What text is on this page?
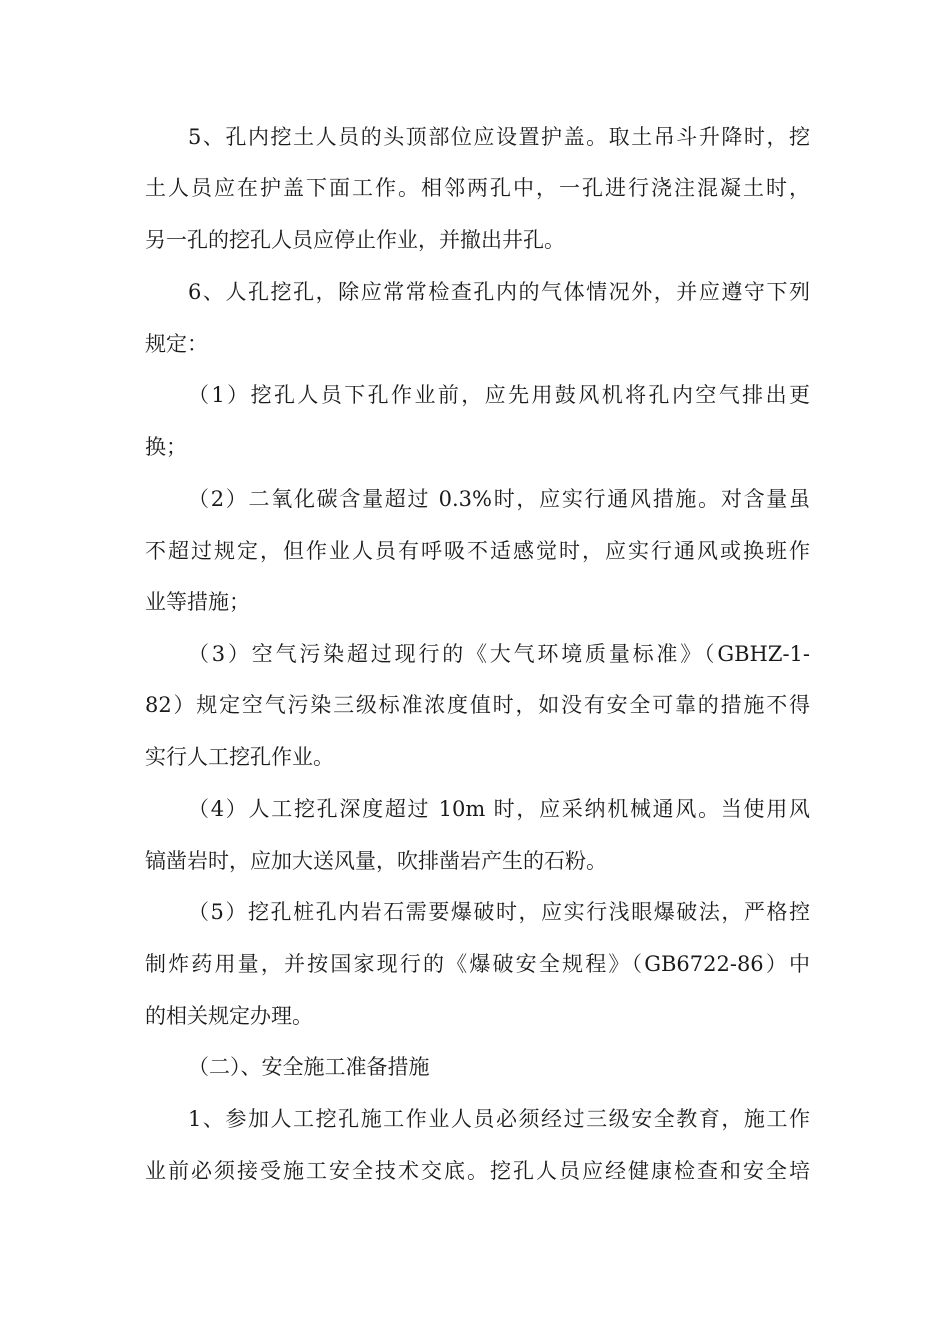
5、孔内挖土人员的头顶部位应设置护盖。取土吊斗升降时，挖
土人员应在护盖下面工作。相邻两孔中，一孔进行浇注混凝土时，
另一孔的挖孔人员应停止作业，并撤出井孔。
6、人孔挖孔，除应常常检查孔内的气体情况外，并应遵守下列
规定：
（1）挖孔人员下孔作业前，应先用鼓风机将孔内空气排出更
换；
（2）二氧化碳含量超过 0.3%时，应实行通风措施。对含量虽
不超过规定，但作业人员有呼吸不适感觉时，应实行通风或换班作
业等措施；
（3）空气污染超过现行的《大气环境质量标准》（GBHZ-1-
82）规定空气污染三级标准浓度值时，如没有安全可靠的措施不得
实行人工挖孔作业。
（4）人工挖孔深度超过 10m 时，应采纳机械通风。当使用风
镐凿岩时，应加大送风量，吹排凿岩产生的石粉。
（5）挖孔桩孔内岩石需要爆破时，应实行浅眼爆破法，严格控
制炸药用量，并按国家现行的《爆破安全规程》（GB6722-86）中
的相关规定办理。
（二）、安全施工准备措施
1、参加人工挖孔施工作业人员必须经过三级安全教育，施工作
业前必须接受施工安全技术交底。挖孔人员应经健康检查和安全培
